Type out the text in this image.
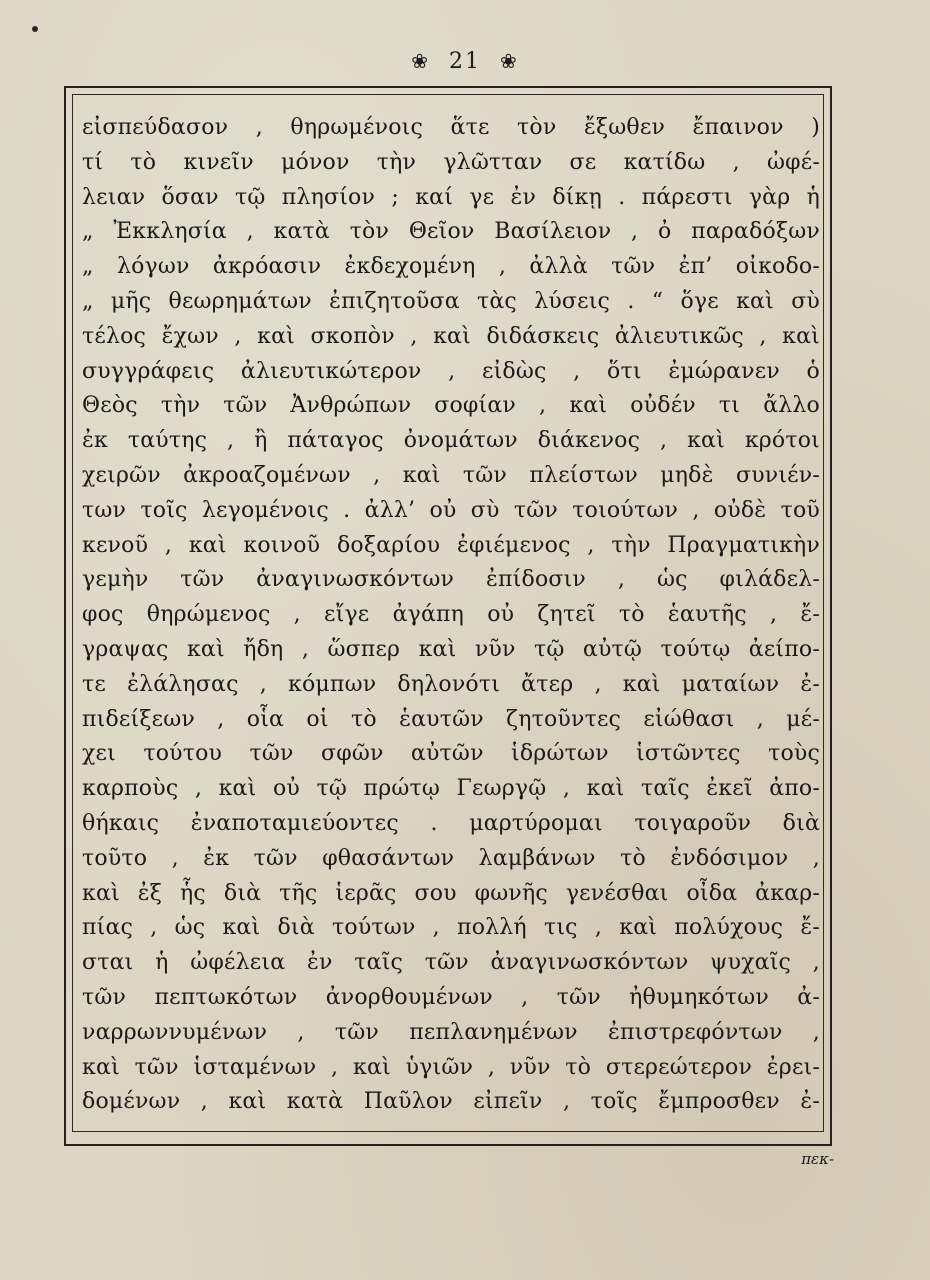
❀ 21 ❀
εἰσπεύδασον , θηρωμένοις ἅτε τὸν ἔξωθεν ἔπαινον )
τί τὸ κινεῖν μόνον τὴν γλῶτταν σε κατίδω , ὠφέ-
λειαν ὅσαν τῷ πλησίον ; καί γε ἐν δίκῃ . πάρεστι γὰρ ἡ
„ Ἐκκλησία , κατὰ τὸν Θεῖον Βασίλειον , ὀ παραδόξων
„ λόγων ἀκρόασιν ἐκδεχομένη , ἀλλὰ τῶν ἐπ’ οἰκοδο-
„ μῆς θεωρημάτων ἐπιζητοῦσα τὰς λύσεις . “ ὅγε καὶ σὺ
τέλος ἔχων , καὶ σκοπὸν , καὶ διδάσκεις ἀλιευτικῶς , καὶ
συγγράφεις ἀλιευτικώτερον , εἰδὼς , ὅτι ἐμώρανεν ὁ
Θεὸς τὴν τῶν Ἀνθρώπων σοφίαν , καὶ οὐδέν τι ἄλλο
ἐκ ταύτης , ἢ πάταγος ὀνομάτων διάκενος , καὶ κρότοι
χειρῶν ἀκροαζομένων , καὶ τῶν πλείστων μηδὲ συνιέν-
των τοῖς λεγομένοις . ἀλλ’ οὐ σὺ τῶν τοιούτων , οὐδὲ τοῦ
κενοῦ , καὶ κοινοῦ δοξαρίου ἐφιέμενος , τὴν Πραγματικὴν
γεμὴν τῶν ἀναγινωσκόντων ἐπίδοσιν , ὡς φιλάδελ-
φος θηρώμενος , εἴγε ἀγάπη οὐ ζητεῖ τὸ ἑαυτῆς , ἔ-
γραψας καὶ ἤδη , ὥσπερ καὶ νῦν τῷ αὐτῷ τούτῳ ἀείπο-
τε ἐλάλησας , κόμπων δηλονότι ἄτερ , καὶ ματαίων ἐ-
πιδείξεων , οἷα οἱ τὸ ἑαυτῶν ζητοῦντες εἰώθασι , μέ-
χει τούτου τῶν σφῶν αὐτῶν ἱδρώτων ἱστῶντες τοὺς
καρποὺς , καὶ οὐ τῷ πρώτῳ Γεωργῷ , καὶ ταῖς ἐκεῖ ἀπο-
θήκαις ἐναποταμιεύοντες . μαρτύρομαι τοιγαροῦν διὰ
τοῦτο , ἐκ τῶν φθασάντων λαμβάνων τὸ ἐνδόσιμον ,
καὶ ἐξ ἧς διὰ τῆς ἱερᾶς σου φωνῆς γενέσθαι οἶδα ἀκαρ-
πίας , ὡς καὶ διὰ τούτων , πολλή τις , καὶ πολύχους ἔ-
σται ἡ ὠφέλεια ἐν ταῖς τῶν ἀναγινωσκόντων ψυχαῖς ,
τῶν πεπτωκότων ἀνορθουμένων , τῶν ἠθυμηκότων ἀ-
ναρρωννυμένων , τῶν πεπλανημένων ἐπιστρεφόντων ,
καὶ τῶν ἱσταμένων , καὶ ὑγιῶν , νῦν τὸ στερεώτερον ἐρει-
δομένων , καὶ κατὰ Παῦλον εἰπεῖν , τοῖς ἔμπροσθεν ἐ-
πεκ-
